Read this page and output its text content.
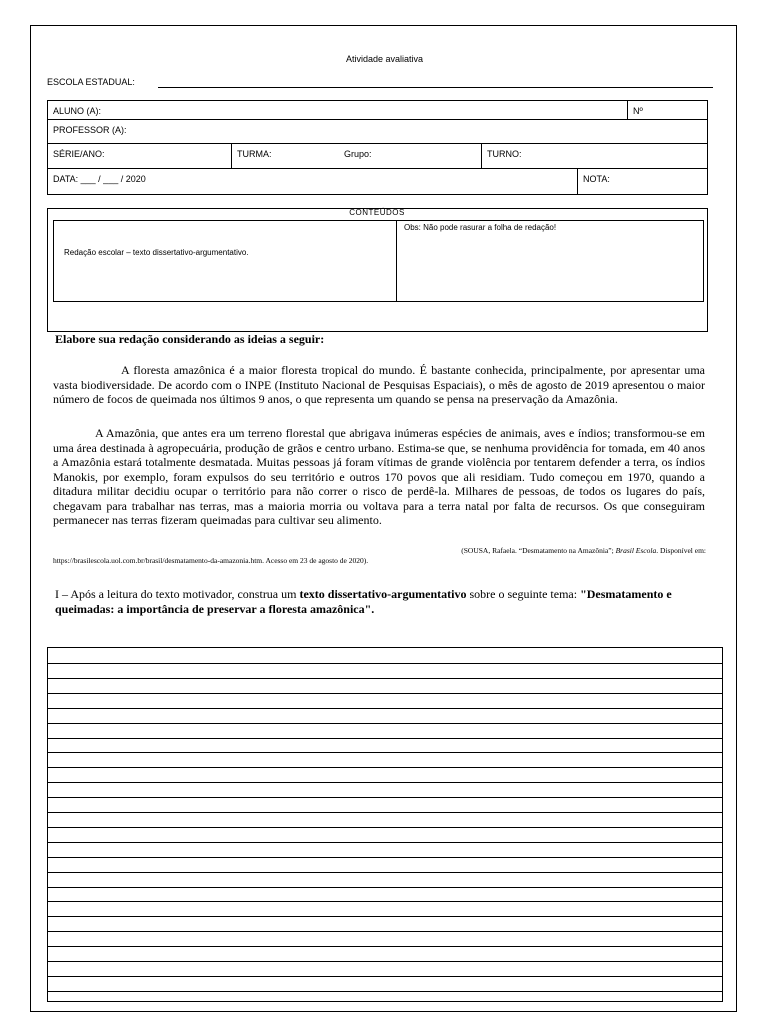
Atividade avaliativa
ESCOLA ESTADUAL:
ALUNO (A):	Nº
PROFESSOR (A):
SÉRIE/ANO:	TURMA:	Grupo:	TURNO:
DATA: ___ / ___ / 2020	NOTA:
CONTEÚDOS
Redação escolar – texto dissertativo-argumentativo.
Obs: Não pode rasurar a folha de redação!
Elabore sua redação considerando as ideias a seguir:
A floresta amazônica é a maior floresta tropical do mundo. É bastante conhecida, principalmente, por apresentar uma vasta biodiversidade. De acordo com o INPE (Instituto Nacional de Pesquisas Espaciais), o mês de agosto de 2019 apresentou o maior número de focos de queimada nos últimos 9 anos, o que representa um quando se pensa na preservação da Amazônia.
A Amazônia, que antes era um terreno florestal que abrigava inúmeras espécies de animais, aves e índios; transformou-se em uma área destinada à agropecuária, produção de grãos e centro urbano. Estima-se que, se nenhuma providência for tomada, em 40 anos a Amazônia estará totalmente desmatada. Muitas pessoas já foram vítimas de grande violência por tentarem defender a terra, os índios Manokis, por exemplo, foram expulsos do seu território e outros 170 povos que ali residiam. Tudo começou em 1970, quando a ditadura militar decidiu ocupar o território para não correr o risco de perdê-la. Milhares de pessoas, de todos os lugares do país, chegavam para trabalhar nas terras, mas a maioria morria ou voltava para a terra natal por falta de recursos. Os que conseguiram permanecer nas terras fizeram queimadas para cultivar seu alimento.
(SOUSA, Rafaela. “Desmatamento na Amazônia”; Brasil Escola. Disponível em:
https://brasilescola.uol.com.br/brasil/desmatamento-da-amazonia.htm. Acesso em 23 de agosto de 2020).
I – Após a leitura do texto motivador, construa um texto dissertativo-argumentativo sobre o seguinte tema: "Desmatamento e queimadas: a importância de preservar a floresta amazônica".
